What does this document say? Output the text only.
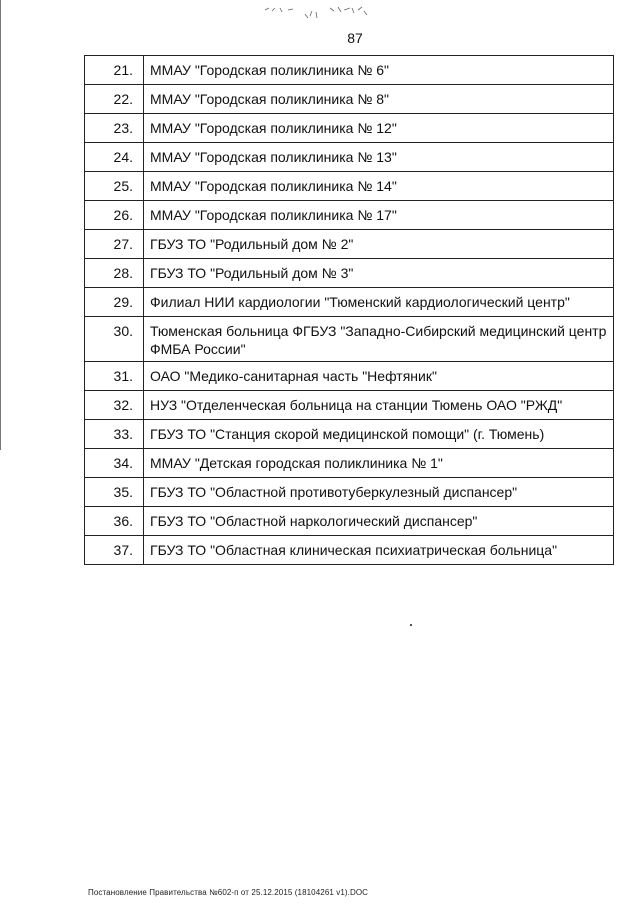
87
21.	ММАУ "Городская поликлиника № 6"
22.	ММАУ "Городская поликлиника № 8"
23.	ММАУ "Городская поликлиника № 12"
24.	ММАУ "Городская поликлиника № 13"
25.	ММАУ "Городская поликлиника № 14"
26.	ММАУ "Городская поликлиника № 17"
27.	ГБУЗ ТО "Родильный дом № 2"
28.	ГБУЗ ТО "Родильный дом № 3"
29.	Филиал НИИ кардиологии "Тюменский кардиологический центр"
30.	Тюменская больница ФГБУЗ "Западно-Сибирский медицинский центр ФМБА России"
31.	ОАО "Медико-санитарная часть "Нефтяник"
32.	НУЗ "Отделенческая больница на станции Тюмень ОАО "РЖД"
33.	ГБУЗ ТО "Станция скорой медицинской помощи" (г. Тюмень)
34.	ММАУ "Детская городская поликлиника № 1"
35.	ГБУЗ ТО "Областной противотуберкулезный диспансер"
36.	ГБУЗ ТО "Областной наркологический диспансер"
37.	ГБУЗ ТО "Областная клиническая психиатрическая больница"
Постановление Правительства №602-п от 25.12.2015 (18104261 v1).DOC
